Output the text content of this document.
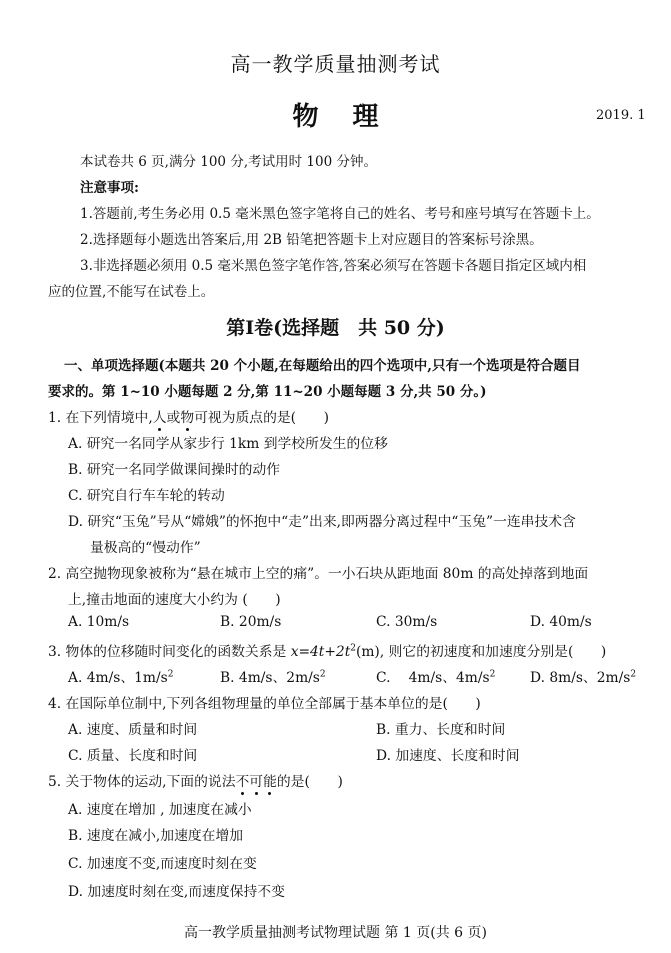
高一教学质量抽测考试
物理	2019. 1
本试卷共 6 页,满分 100 分,考试用时 100 分钟。
注意事项:
1.答题前,考生务必用 0.5 毫米黑色签字笔将自己的姓名、考号和座号填写在答题卡上。
2.选择题每小题选出答案后,用 2B 铅笔把答题卡上对应题目的答案标号涂黑。
3.非选择题必须用 0.5 毫米黑色签字笔作答,答案必须写在答题卡各题目指定区域内相
应的位置,不能写在试卷上。
第Ⅰ卷(选择题　共 50 分)
一、单项选择题(本题共 20 个小题,在每题给出的四个选项中,只有一个选项是符合题目
要求的。第 1~10 小题每题 2 分,第 11~20 小题每题 3 分,共 50 分。)
1. 在下列情境中,人或物可视为质点的是(　　)
A. 研究一名同学从家步行 1km 到学校所发生的位移
B. 研究一名同学做课间操时的动作
C. 研究自行车车轮的转动
D. 研究“玉兔”号从“嫦娥”的怀抱中“走”出来,即两器分离过程中“玉兔”一连串技术含
量极高的“慢动作”
2. 高空抛物现象被称为“悬在城市上空的痛”。一小石块从距地面 80m 的高处掉落到地面
上,撞击地面的速度大小约为 (　　)
A. 10m/s	B. 20m/s	C. 30m/s	D. 40m/s
3. 物体的位移随时间变化的函数关系是 $x=4t+2t^2(m)$, 则它的初速度和加速度分别是(　　)
A. 4m/s、$1m/s^2$	B. 4m/s、$2m/s^2$	C. 　4m/s、$4m/s^2$	D. 8m/s、$2m/s^2$
4. 在国际单位制中,下列各组物理量的单位全部属于基本单位的是(　　)
A. 速度、质量和时间	B. 重力、长度和时间
C. 质量、长度和时间	D. 加速度、长度和时间
5. 关于物体的运动,下面的说法不可能的是(　　)
A. 速度在增加 , 加速度在减小
B. 速度在减小,加速度在增加
C. 加速度不变,而速度时刻在变
D. 加速度时刻在变,而速度保持不变
高一教学质量抽测考试物理试题 第 1 页(共 6 页)
